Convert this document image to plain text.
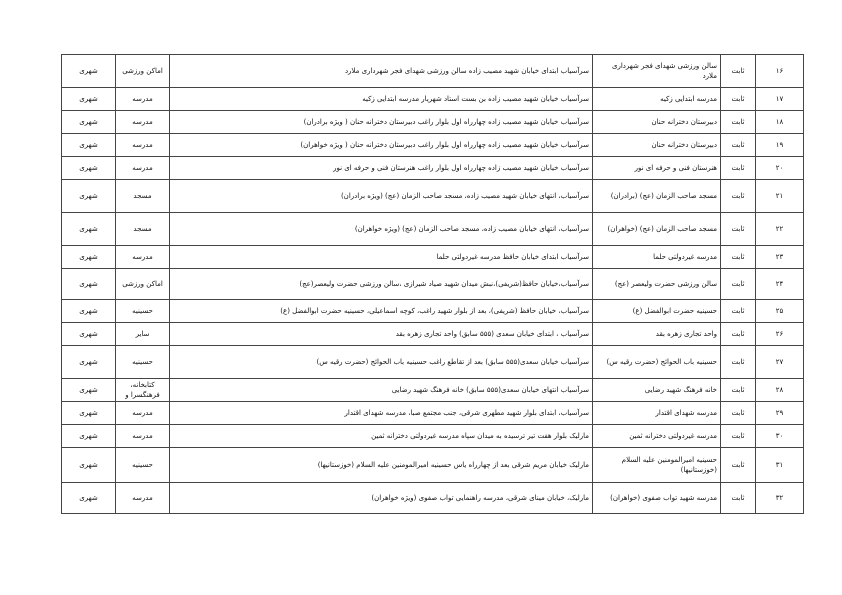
۱۶	ثابت	سالن ورزشی شهدای فجر شهرداری ملارد	سرآسیاب ابتدای خیابان شهید مصیب زاده سالن ورزشی شهدای فجر شهرداری ملارد	اماکن ورزشی	شهری
۱۷	ثابت	مدرسه ابتدایی زکیه	سرآسیاب خیابان شهید مصیب زاده بن بست استاد شهریار مدرسه ابتدایی زکیه	مدرسه	شهری
۱۸	ثابت	دبیرستان دخترانه حنان	سرآسیاب خیابان شهید مصیب زاده چهارراه اول بلوار راغب دبیرستان دخترانه حنان ( ویژه برادران)	مدرسه	شهری
۱۹	ثابت	دبیرستان دخترانه حنان	سرآسیاب خیابان شهید مصیب زاده چهارراه اول بلوار راغب دبیرستان دخترانه حنان ( ویژه خواهران)	مدرسه	شهری
۲۰	ثابت	هنرستان فنی و حرفه ای نور	سرآسیاب خیابان شهید مصیب زاده چهارراه اول بلوار راغب هنرستان فنی و حرفه ای نور	مدرسه	شهری
۲۱	ثابت	مسجد صاحب الزمان (عج) (برادران)	سرآسیاب، انتهای خیابان شهید مصیب زاده، مسجد صاحب الزمان (عج) (ویژه برادران)	مسجد	شهری
۲۲	ثابت	مسجد صاحب الزمان (عج) (خواهران)	سرآسیاب، انتهای خیابان مصیب زاده، مسجد صاحب الزمان (عج) (ویژه خواهران)	مسجد	شهری
۲۳	ثابت	مدرسه غیردولتی حلما	سرآسیاب ابتدای خیابان حافظ مدرسه غیردولتی حلما	مدرسه	شهری
۲۴	ثابت	سالن ورزشی حضرت ولیعصر (عج)	سرآسیاب،خیابان حافظ(شریفی)،نبش میدان شهید صیاد شیرازی ،سالن ورزشی حضرت ولیعصر(عج)	اماکن ورزشی	شهری
۲۵	ثابت	حسینیه حضرت ابوالفضل (ع)	سرآسیاب، خیابان حافظ (شریفی)، بعد از بلوار شهید راغب، کوچه اسماعیلی، حسینیه حضرت ابوالفضل (ع)	حسینیه	شهری
۲۶	ثابت	واحد تجاری زهره بقد	سرآسیاب ، ابتدای خیابان سعدی (۵۵۵ سابق) واحد تجاری زهره بقد	سایر	شهری
۲۷	ثابت	حسینیه باب الحوائج (حضرت رقیه س)	سرآسیاب خیابان سعدی(۵۵۵ سابق) بعد از تقاطع راغب حسینیه باب الحوائج (حضرت رقیه س)	حسینیه	شهری
۲۸	ثابت	خانه فرهنگ شهید رضایی	سرآسیاب انتهای خیابان سعدی(۵۵۵ سابق) خانه فرهنگ شهید رضایی	کتابخانه، فرهنگسرا و	شهری
۲۹	ثابت	مدرسه شهدای اقتدار	سرآسیاب، ابتدای بلوار شهید مطهری شرقی، جنب مجتمع صبا، مدرسه شهدای اقتدار	مدرسه	شهری
۳۰	ثابت	مدرسه غیردولتی دخترانه ثمین	مارلیک بلوار هفت تیر ترسیده به میدان سپاه مدرسه غیردولتی دخترانه ثمین	مدرسه	شهری
۳۱	ثابت	حسینیه امیرالمومنین علیه السلام (خوزستانیها)	مارلیک خیابان مریم شرقی بعد از چهارراه یاس حسینیه امیرالمومنین علیه السلام (خوزستانیها)	حسینیه	شهری
۳۲	ثابت	مدرسه شهید تواب صفوی (خواهران)	مارلیک، خیابان مینای شرقی، مدرسه راهنمایی تواب صفوی (ویژه خواهران)	مدرسه	شهری
